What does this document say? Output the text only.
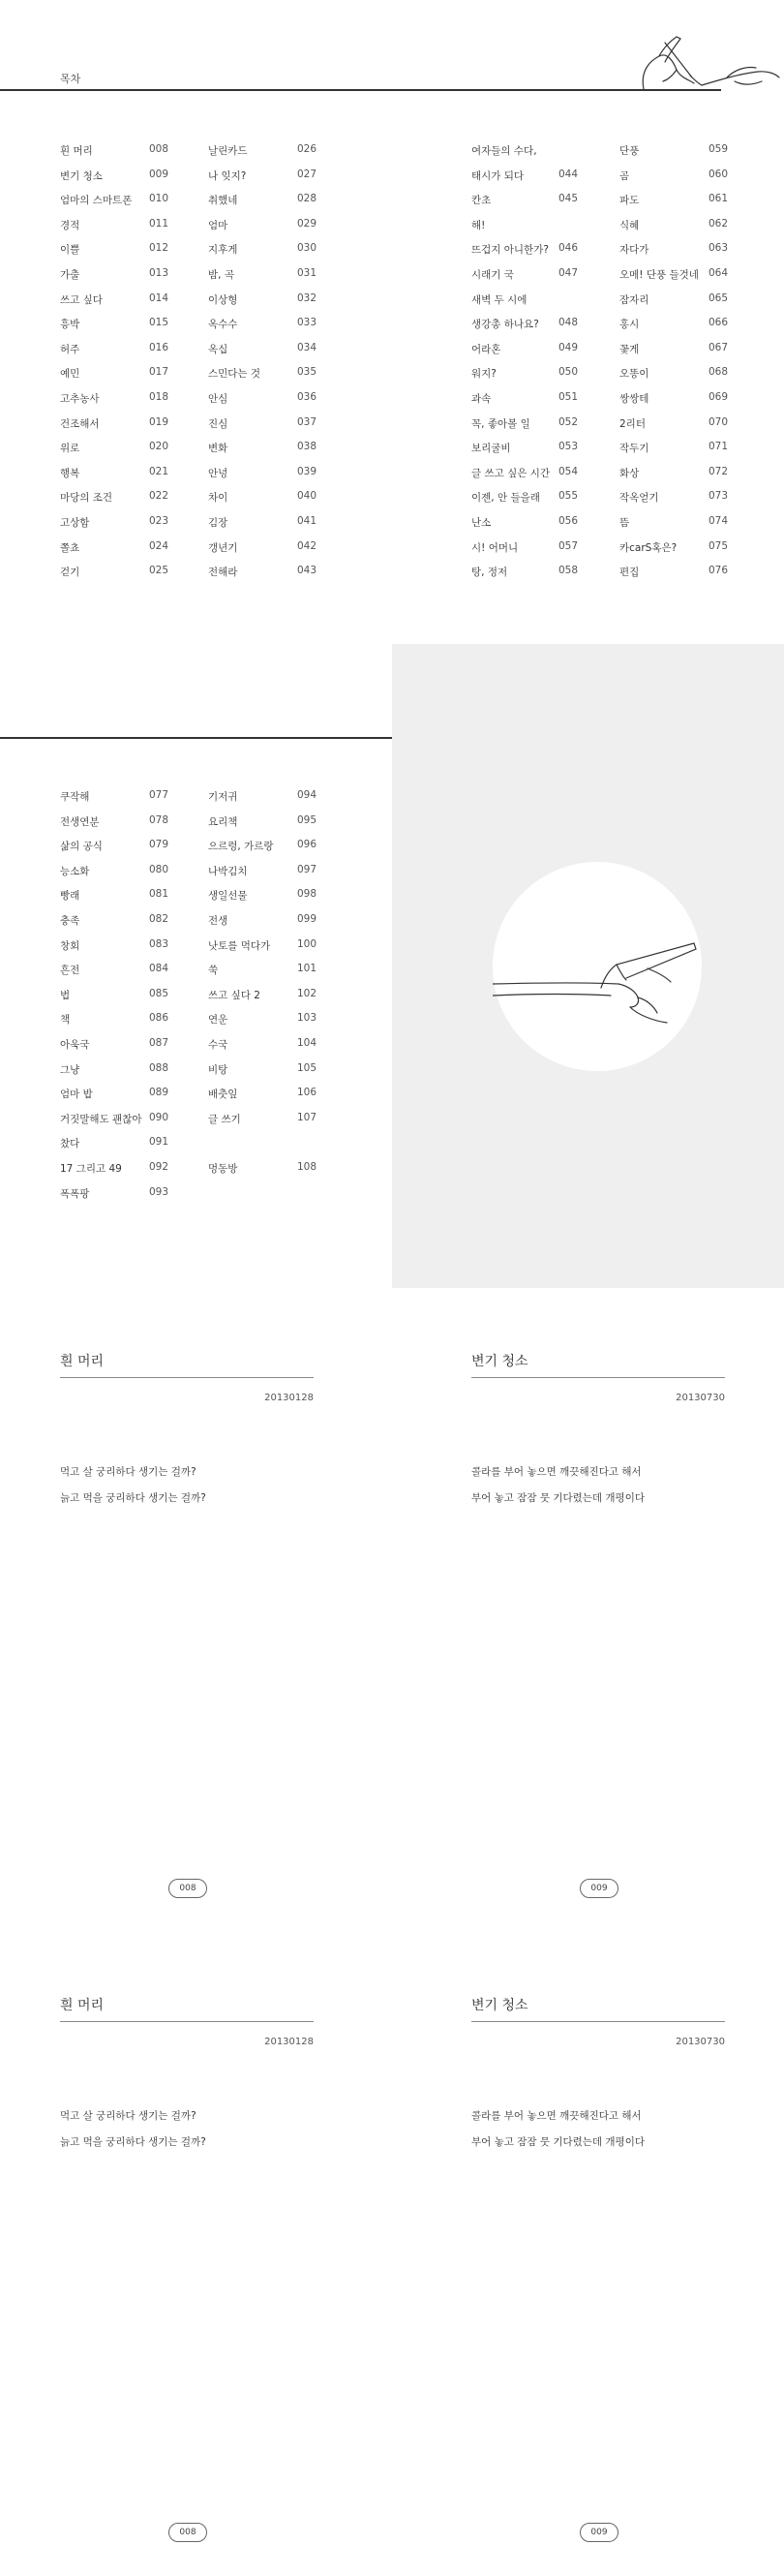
목차
흰 머리	008
변기 청소	009
엄마의 스마트폰 010
경적	011
이쁠	012
가출	013
쓰고 싶다	014
흥박	015
허주	016
예민	017
고추농사	018
건조해서	019
위로	020
행복	021
마당의 조건	022
고상함	023
쫄쵸	024
걷기	025
날린카드	026
나 잊지?	027
취했네	028
엄마	029
지후게	030
밤, 곡	031
이상형	032
옥수수	033
옥십	034
스민다는 것	035
안심	036
진심	037
변화	038
안녕	039
차이	040
김장	041
갱년기	042
전해라	043
여자들의 수다,
태시가 되다	044
칸초	045
해!
뜨겁지 아니한가? 046
시래기 국	047
새벽 두 시에
생강총 하나요? 048
어라혼	049
워지?	050
과속	051
꼭, 좋아볼 일	052
보리굴비	053
글 쓰고 싶은 시간 054
이젠, 안 들을래 055
난소	056
시! 어머니	057
탕, 정저	058
단풍	059
곰	060
파도	061
식혜	062
자다가	063
오메! 단풍 들것네 064
잠자리	065
홍시	066
꽃게	067
오똥이	068
쌍쌍테	069
2리터	070
작두기	071
화상	072
작옥얻기	073
뜸	074
카carS혹은?	075
편집	076
쿠작해	077
전생연분	078
삶의 공식	079
능소화	080
빵래	081
충족	082
창회	083
흔전	084
법	085
책	086
아욱국	087
그냥	088
엄마 밥	089
거짓말해도 괜찮아 090
찼다	091
17 그리고 49	092
폭폭팡	093
기저귀	094
요리책	095
으르렁, 가르랑 096
나박김치	097
생일선물	098
전생	099
낫토를 먹다가	100
쑥	101
쓰고 싶다 2	102
연운	103
수국	104
비탕	105
배춧잎	106
글 쓰기	107
멍동방	108
흰 머리
20130128
먹고 살 궁리하다 생기는 걸까?
늙고 먹을 궁리하다 생기는 걸까?
008
변기 청소
20130730
콜라를 부어 놓으면 깨끗해진다고 해서
부어 놓고 잠잠 뭇 기다렸는데 개평이다
009
흰 머리
20130128
먹고 살 궁리하다 생기는 걸까?
늙고 먹을 궁리하다 생기는 걸까?
008
변기 청소
20130730
콜라를 부어 놓으면 깨끗해진다고 해서
부어 놓고 잠잠 뭇 기다렸는데 개평이다
009
